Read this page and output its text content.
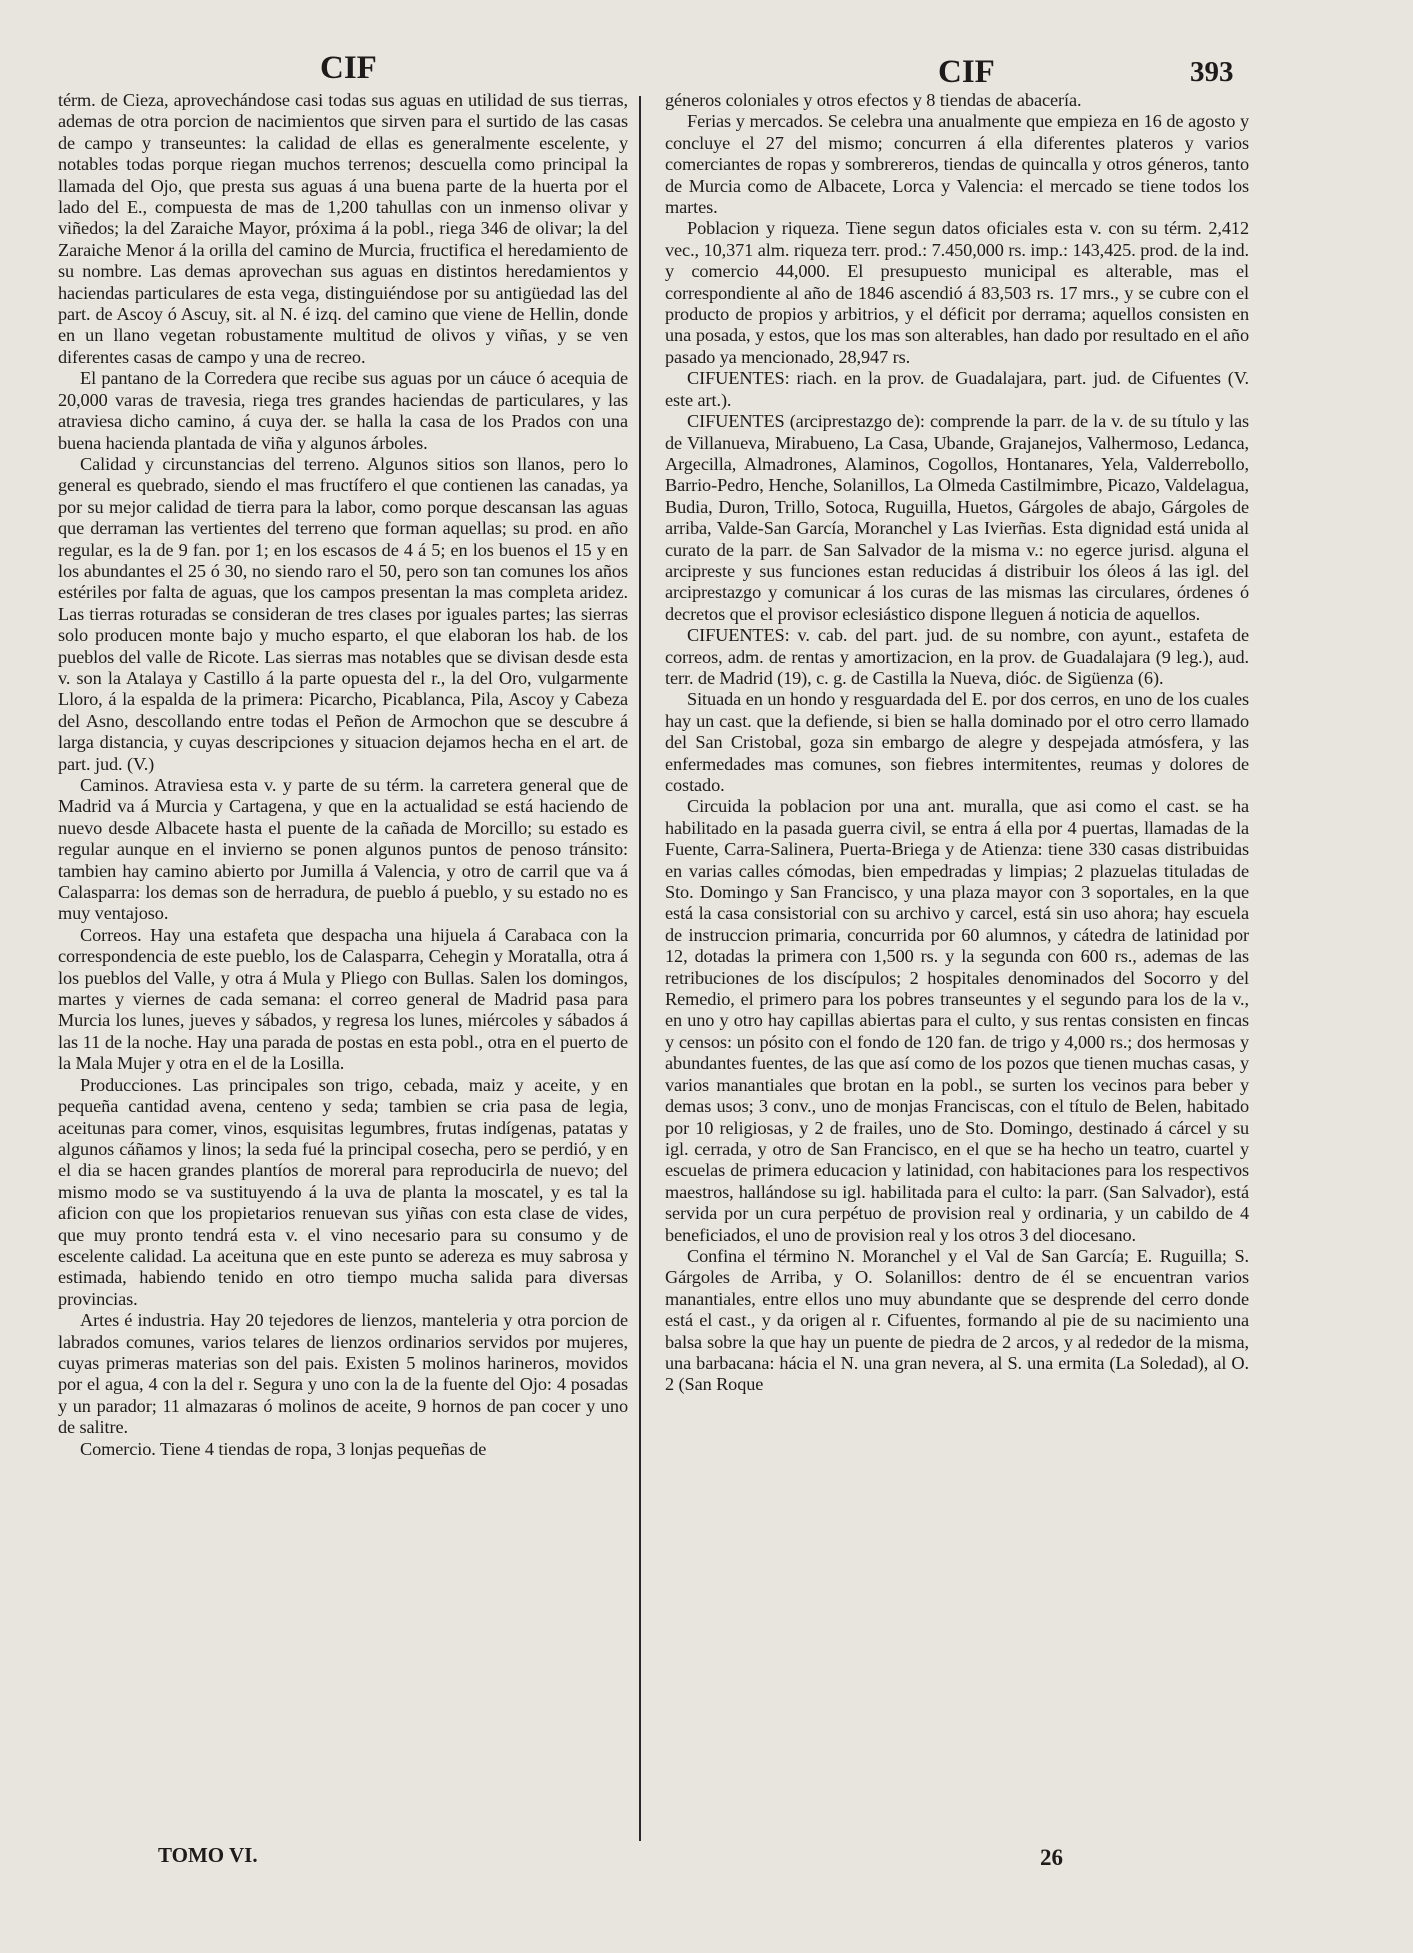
CIF	CIF	393

térm. de Cieza, aprovechándose casi todas sus aguas en utilidad de sus tierras, ademas de otra porcion de nacimientos que sirven para el surtido de las casas de campo y transeuntes: la calidad de ellas es generalmente escelente, y notables todas porque riegan muchos terrenos; descuella como principal la llamada del Ojo, que presta sus aguas á una buena parte de la huerta por el lado del E., compuesta de mas de 1,200 tahullas con un inmenso olivar y viñedos; la del Zaraiche Mayor, próxima á la pobl., riega 346 de olivar; la del Zaraiche Menor á la orilla del camino de Murcia, fructifica el heredamiento de su nombre. Las demas aprovechan sus aguas en distintos heredamientos y haciendas particulares de esta vega, distinguiéndose por su antigüedad las del part. de Ascoy ó Ascuy, sit. al N. é izq. del camino que viene de Hellin, donde en un llano vegetan robustamente multitud de olivos y viñas, y se ven diferentes casas de campo y una de recreo.

El pantano de la Corredera que recibe sus aguas por un cáuce ó acequia de 20,000 varas de travesia, riega tres grandes haciendas de particulares, y las atraviesa dicho camino, á cuya der. se halla la casa de los Prados con una buena hacienda plantada de viña y algunos árboles.

Calidad y circunstancias del terreno. Algunos sitios son llanos, pero lo general es quebrado, siendo el mas fructífero el que contienen las canadas, ya por su mejor calidad de tierra para la labor, como porque descansan las aguas que derraman las vertientes del terreno que forman aquellas; su prod. en año regular, es la de 9 fan. por 1; en los escasos de 4 á 5; en los buenos el 15 y en los abundantes el 25 ó 30, no siendo raro el 50, pero son tan comunes los años estériles por falta de aguas, que los campos presentan la mas completa aridez. Las tierras roturadas se consideran de tres clases por iguales partes; las sierras solo producen monte bajo y mucho esparto, el que elaboran los hab. de los pueblos del valle de Ricote. Las sierras mas notables que se divisan desde esta v. son la Atalaya y Castillo á la parte opuesta del r., la del Oro, vulgarmente Lloro, á la espalda de la primera: Picarcho, Picablanca, Pila, Ascoy y Cabeza del Asno, descollando entre todas el Peñon de Armochon que se descubre á larga distancia, y cuyas descripciones y situacion dejamos hecha en el art. de part. jud. (V.)

Caminos. Atraviesa esta v. y parte de su térm. la carretera general que de Madrid va á Murcia y Cartagena, y que en la actualidad se está haciendo de nuevo desde Albacete hasta el puente de la cañada de Morcillo; su estado es regular aunque en el invierno se ponen algunos puntos de penoso tránsito: tambien hay camino abierto por Jumilla á Valencia, y otro de carril que va á Calasparra: los demas son de herradura, de pueblo á pueblo, y su estado no es muy ventajoso.

Correos. Hay una estafeta que despacha una hijuela á Carabaca con la correspondencia de este pueblo, los de Calasparra, Cehegin y Moratalla, otra á los pueblos del Valle, y otra á Mula y Pliego con Bullas. Salen los domingos, martes y viernes de cada semana: el correo general de Madrid pasa para Murcia los lunes, jueves y sábados, y regresa los lunes, miércoles y sábados á las 11 de la noche. Hay una parada de postas en esta pobl., otra en el puerto de la Mala Mujer y otra en el de la Losilla.

Producciones. Las principales son trigo, cebada, maiz y aceite, y en pequeña cantidad avena, centeno y seda; tambien se cria pasa de legia, aceitunas para comer, vinos, esquisitas legumbres, frutas indígenas, patatas y algunos cáñamos y linos; la seda fué la principal cosecha, pero se perdió, y en el dia se hacen grandes plantíos de moreral para reproducirla de nuevo; del mismo modo se va sustituyendo á la uva de planta la moscatel, y es tal la aficion con que los propietarios renuevan sus yiñas con esta clase de vides, que muy pronto tendrá esta v. el vino necesario para su consumo y de escelente calidad. La aceituna que en este punto se adereza es muy sabrosa y estimada, habiendo tenido en otro tiempo mucha salida para diversas provincias.

Artes é industria. Hay 20 tejedores de lienzos, manteleria y otra porcion de labrados comunes, varios telares de lienzos ordinarios servidos por mujeres, cuyas primeras materias son del pais. Existen 5 molinos harineros, movidos por el agua, 4 con la del r. Segura y uno con la de la fuente del Ojo: 4 posadas y un parador; 11 almazaras ó molinos de aceite, 9 hornos de pan cocer y uno de salitre.

Comercio. Tiene 4 tiendas de ropa, 3 lonjas pequeñas de

géneros coloniales y otros efectos y 8 tiendas de abacería.

Ferias y mercados. Se celebra una anualmente que empieza en 16 de agosto y concluye el 27 del mismo; concurren á ella diferentes plateros y varios comerciantes de ropas y sombrereros, tiendas de quincalla y otros géneros, tanto de Murcia como de Albacete, Lorca y Valencia: el mercado se tiene todos los martes.

Poblacion y riqueza. Tiene segun datos oficiales esta v. con su térm. 2,412 vec., 10,371 alm. riqueza terr. prod.: 7.450,000 rs. imp.: 143,425. prod. de la ind. y comercio 44,000. El presupuesto municipal es alterable, mas el correspondiente al año de 1846 ascendió á 83,503 rs. 17 mrs., y se cubre con el producto de propios y arbitrios, y el déficit por derrama; aquellos consisten en una posada, y estos, que los mas son alterables, han dado por resultado en el año pasado ya mencionado, 28,947 rs.

CIFUENTES: riach. en la prov. de Guadalajara, part. jud. de Cifuentes (V. este art.).

CIFUENTES (arciprestazgo de): comprende la parr. de la v. de su título y las de Villanueva, Mirabueno, La Casa, Ubande, Grajanejos, Valhermoso, Ledanca, Argecilla, Almadrones, Alaminos, Cogollos, Hontanares, Yela, Valderrebollo, Barrio-Pedro, Henche, Solanillos, La Olmeda Castilmimbre, Picazo, Valdelagua, Budia, Duron, Trillo, Sotoca, Ruguilla, Huetos, Gárgoles de abajo, Gárgoles de arriba, Valde-San García, Moranchel y Las Ivierñas. Esta dignidad está unida al curato de la parr. de San Salvador de la misma v.: no egerce jurisd. alguna el arcipreste y sus funciones estan reducidas á distribuir los óleos á las igl. del arciprestazgo y comunicar á los curas de las mismas las circulares, órdenes ó decretos que el provisor eclesiástico dispone lleguen á noticia de aquellos.

CIFUENTES: v. cab. del part. jud. de su nombre, con ayunt., estafeta de correos, adm. de rentas y amortizacion, en la prov. de Guadalajara (9 leg.), aud. terr. de Madrid (19), c. g. de Castilla la Nueva, dióc. de Sigüenza (6).

Situada en un hondo y resguardada del E. por dos cerros, en uno de los cuales hay un cast. que la defiende, si bien se halla dominado por el otro cerro llamado del San Cristobal, goza sin embargo de alegre y despejada atmósfera, y las enfermedades mas comunes, son fiebres intermitentes, reumas y dolores de costado.

Circuida la poblacion por una ant. muralla, que asi como el cast. se ha habilitado en la pasada guerra civil, se entra á ella por 4 puertas, llamadas de la Fuente, Carra-Salinera, Puerta-Briega y de Atienza: tiene 330 casas distribuidas en varias calles cómodas, bien empedradas y limpias; 2 plazuelas tituladas de Sto. Domingo y San Francisco, y una plaza mayor con 3 soportales, en la que está la casa consistorial con su archivo y carcel, está sin uso ahora; hay escuela de instruccion primaria, concurrida por 60 alumnos, y cátedra de latinidad por 12, dotadas la primera con 1,500 rs. y la segunda con 600 rs., ademas de las retribuciones de los discípulos; 2 hospitales denominados del Socorro y del Remedio, el primero para los pobres transeuntes y el segundo para los de la v., en uno y otro hay capillas abiertas para el culto, y sus rentas consisten en fincas y censos: un pósito con el fondo de 120 fan. de trigo y 4,000 rs.; dos hermosas y abundantes fuentes, de las que así como de los pozos que tienen muchas casas, y varios manantiales que brotan en la pobl., se surten los vecinos para beber y demas usos; 3 conv., uno de monjas Franciscas, con el título de Belen, habitado por 10 religiosas, y 2 de frailes, uno de Sto. Domingo, destinado á cárcel y su igl. cerrada, y otro de San Francisco, en el que se ha hecho un teatro, cuartel y escuelas de primera educacion y latinidad, con habitaciones para los respectivos maestros, hallándose su igl. habilitada para el culto: la parr. (San Salvador), está servida por un cura perpétuo de provision real y ordinaria, y un cabildo de 4 beneficiados, el uno de provision real y los otros 3 del diocesano.

Confina el término N. Moranchel y el Val de San García; E. Ruguilla; S. Gárgoles de Arriba, y O. Solanillos: dentro de él se encuentran varios manantiales, entre ellos uno muy abundante que se desprende del cerro donde está el cast., y da origen al r. Cifuentes, formando al pie de su nacimiento una balsa sobre la que hay un puente de piedra de 2 arcos, y al rededor de la misma, una barbacana: hácia el N. una gran nevera, al S. una ermita (La Soledad), al O. 2 (San Roque

TOMO VI.	26
